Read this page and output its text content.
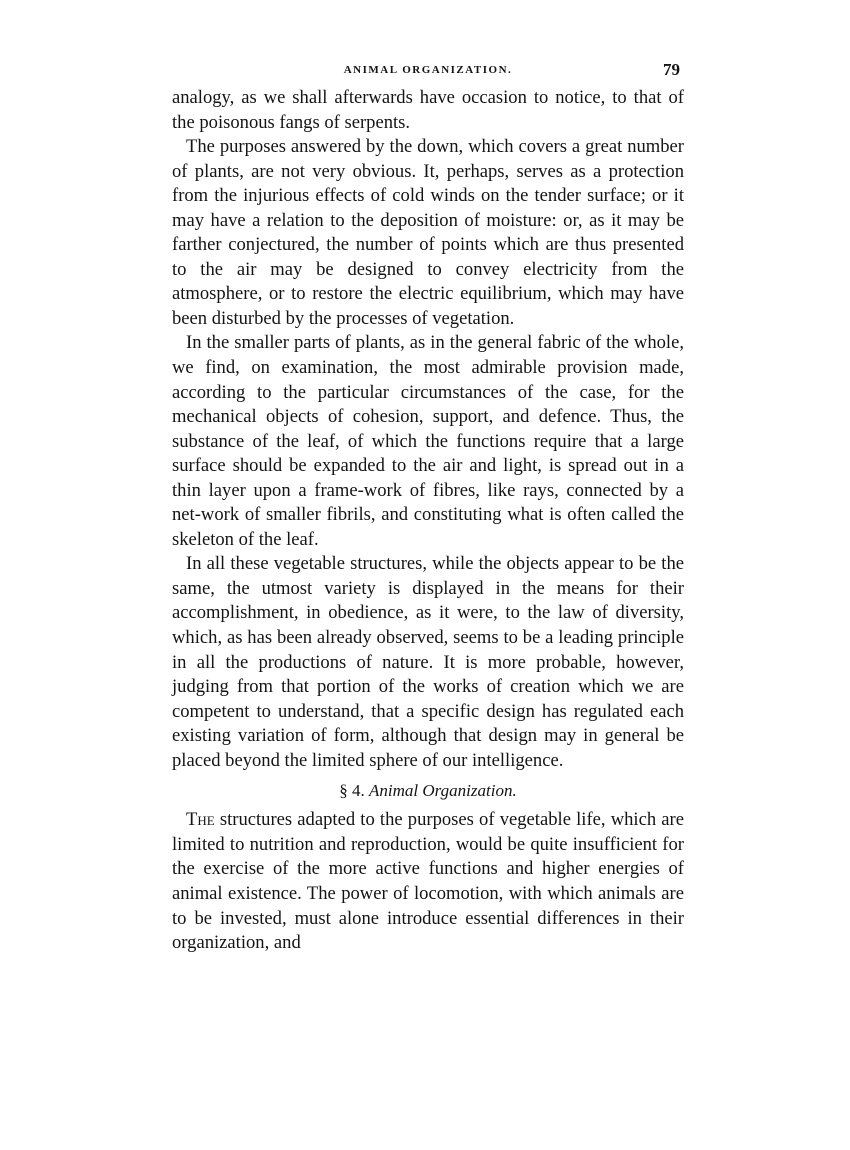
ANIMAL ORGANIZATION.	79

analogy, as we shall afterwards have occasion to notice, to that of the poisonous fangs of serpents.

The purposes answered by the down, which covers a great number of plants, are not very obvious. It, perhaps, serves as a protection from the injurious effects of cold winds on the tender surface; or it may have a relation to the deposition of moisture: or, as it may be farther conjectured, the number of points which are thus presented to the air may be designed to convey electricity from the atmosphere, or to restore the electric equilibrium, which may have been disturbed by the processes of vegetation.

In the smaller parts of plants, as in the general fabric of the whole, we find, on examination, the most admirable provision made, according to the particular circumstances of the case, for the mechanical objects of cohesion, support, and defence. Thus, the substance of the leaf, of which the functions require that a large surface should be expanded to the air and light, is spread out in a thin layer upon a frame-work of fibres, like rays, connected by a net-work of smaller fibrils, and constituting what is often called the skeleton of the leaf.

In all these vegetable structures, while the objects appear to be the same, the utmost variety is displayed in the means for their accomplishment, in obedience, as it were, to the law of diversity, which, as has been already observed, seems to be a leading principle in all the productions of nature. It is more probable, however, judging from that portion of the works of creation which we are competent to understand, that a specific design has regulated each existing variation of form, although that design may in general be placed beyond the limited sphere of our intelligence.

§ 4. Animal Organization.

The structures adapted to the purposes of vegetable life, which are limited to nutrition and reproduction, would be quite insufficient for the exercise of the more active functions and higher energies of animal existence. The power of locomotion, with which animals are to be invested, must alone introduce essential differences in their organization, and
